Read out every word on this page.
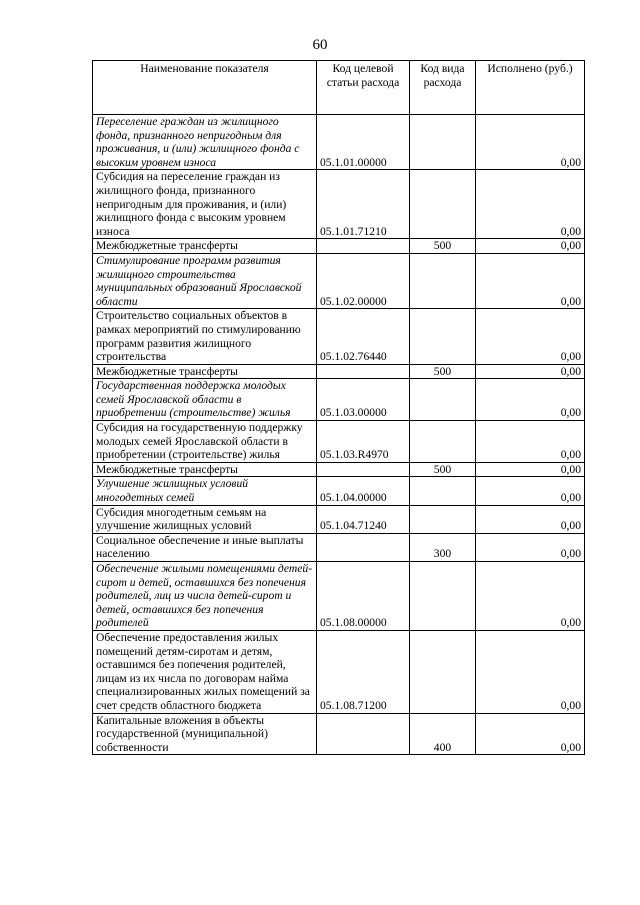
60
Наименование показателя	Код целевой статьи расхода	Код вида расхода	Исполнено (руб.)
Переселение граждан из жилищного фонда, признанного непригодным для проживания, и (или) жилищного фонда с высоким уровнем износа	05.1.01.00000		0,00
Субсидия на переселение граждан из жилищного фонда, признанного непригодным для проживания, и (или) жилищного фонда с высоким уровнем износа	05.1.01.71210		0,00
Межбюджетные трансферты		500	0,00
Стимулирование программ развития жилищного строительства муниципальных образований Ярославской области	05.1.02.00000		0,00
Строительство социальных объектов в рамках мероприятий по стимулированию программ развития жилищного строительства	05.1.02.76440		0,00
Межбюджетные трансферты		500	0,00
Государственная поддержка молодых семей Ярославской области в приобретении (строительстве) жилья	05.1.03.00000		0,00
Субсидия на государственную поддержку молодых семей Ярославской области в приобретении (строительстве) жилья	05.1.03.R4970		0,00
Межбюджетные трансферты		500	0,00
Улучшение жилищных условий многодетных семей	05.1.04.00000		0,00
Субсидия многодетным семьям на улучшение жилищных условий	05.1.04.71240		0,00
Социальное обеспечение и иные выплаты населению		300	0,00
Обеспечение жилыми помещениями детей-сирот и детей, оставшихся без попечения родителей, лиц из числа детей-сирот и детей, оставшихся без попечения родителей	05.1.08.00000		0,00
Обеспечение предоставления жилых помещений детям-сиротам и детям, оставшимся без попечения родителей, лицам из их числа по договорам найма специализированных жилых помещений за счет средств областного бюджета	05.1.08.71200		0,00
Капитальные вложения в объекты государственной (муниципальной) собственности		400	0,00
